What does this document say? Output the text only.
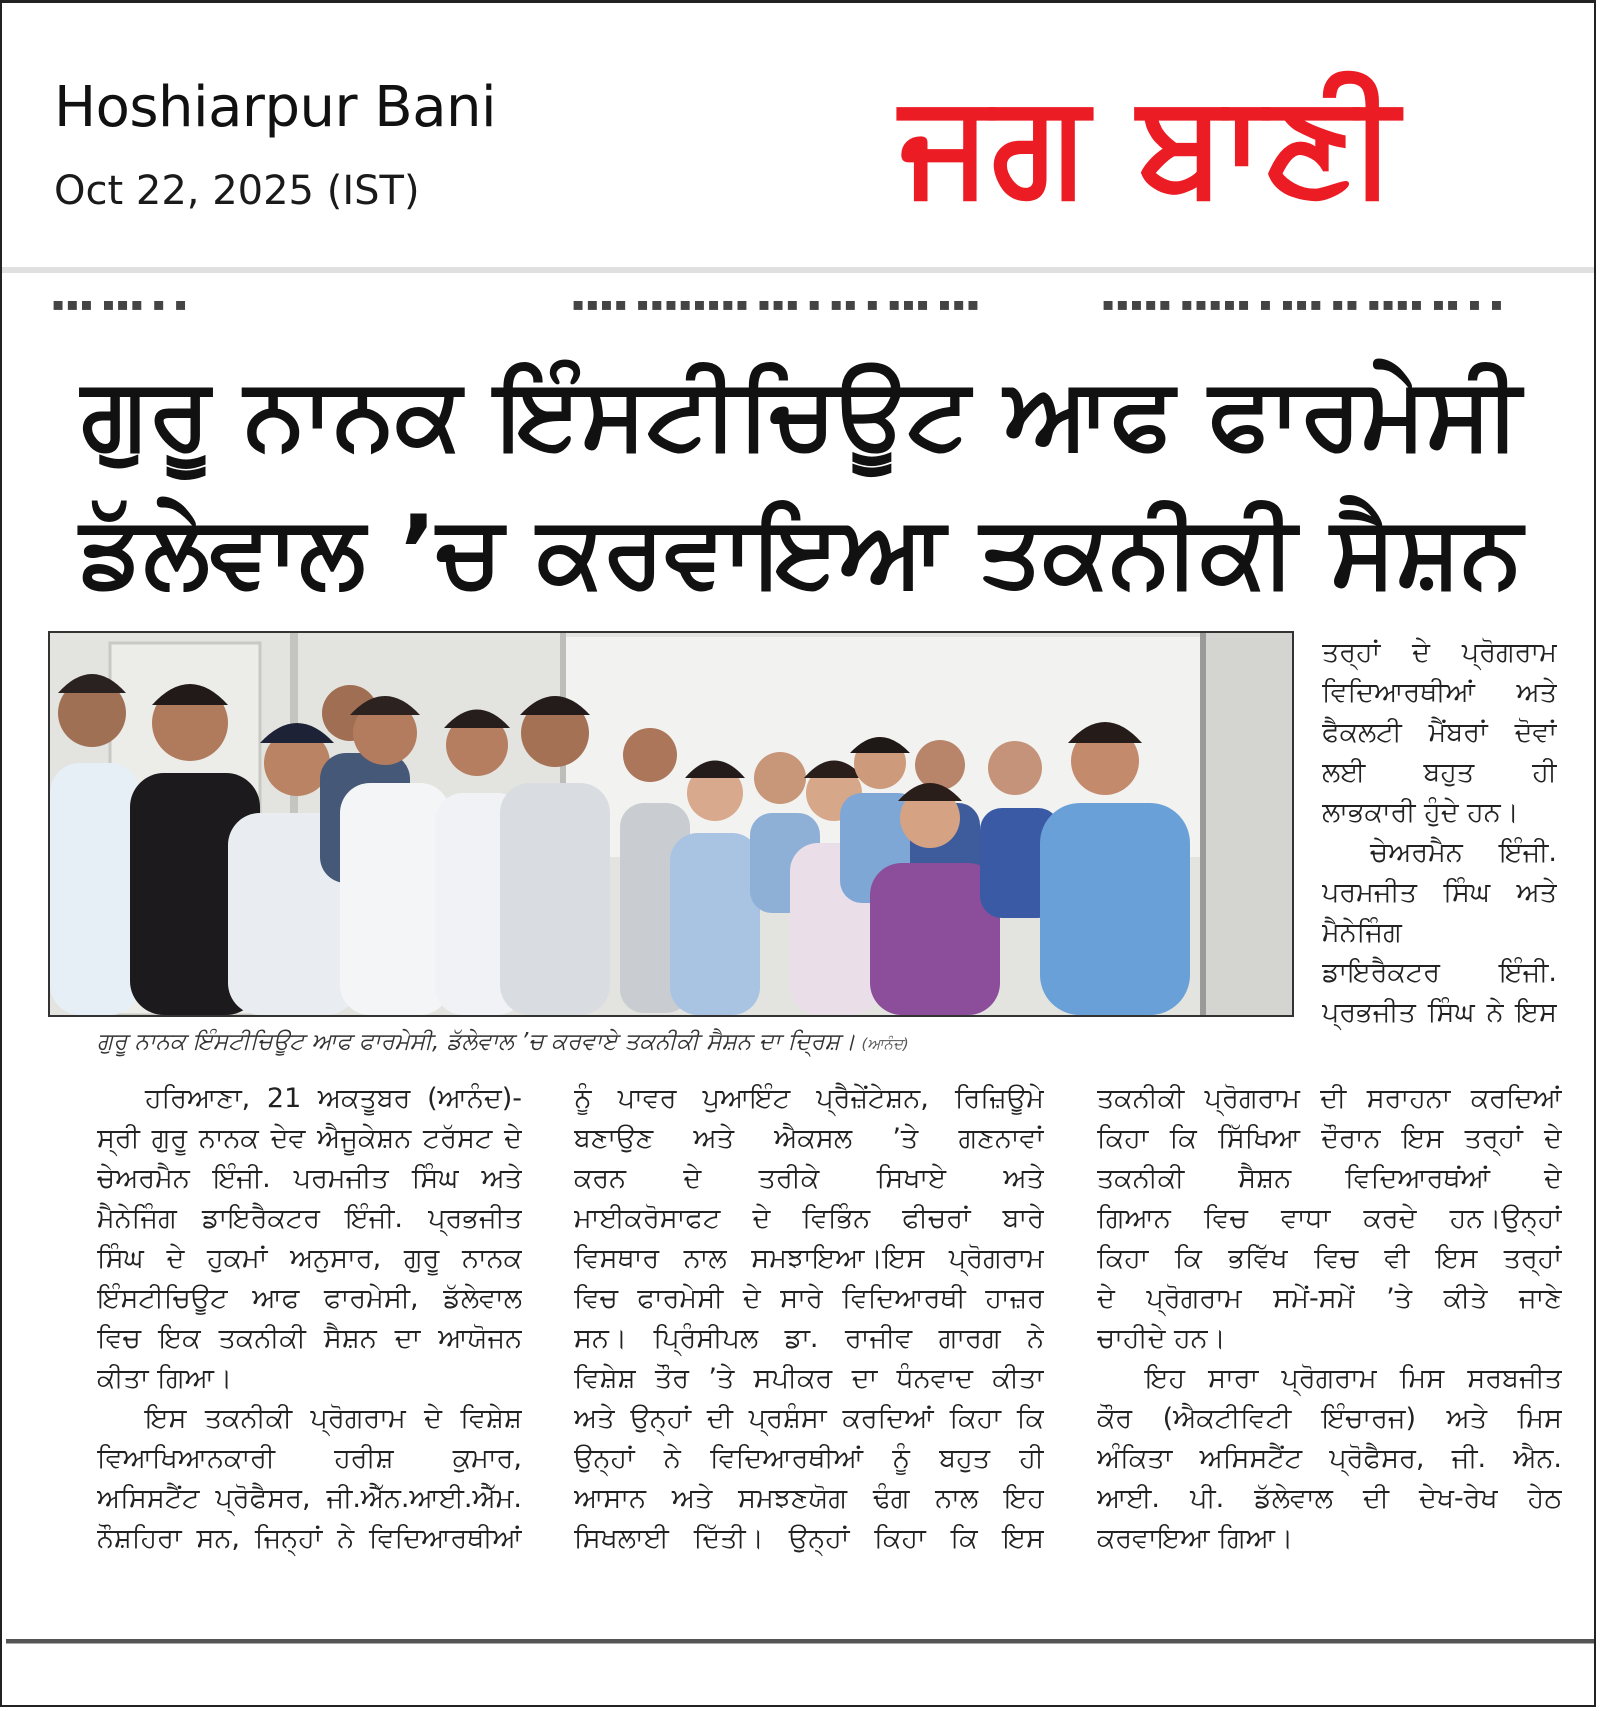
Hoshiarpur Bani
Oct 22, 2025 (IST)	ਜਗ ਬਾਣੀ
▪▪▪ ▪▪▪ ▪ ▪	▪▪▪▪ ▪▪▪▪▪▪▪▪ ▪▪▪ ▪ ▪▪ ▪ ▪▪▪ ▪▪▪	▪▪▪▪▪ ▪▪▪▪▪ ▪ ▪▪▪ ▪▪ ▪▪▪▪ ▪▪ ▪ ▪
ਗੁਰੂ ਨਾਨਕ ਇੰਸਟੀਚਿਊਟ ਆਫ ਫਾਰਮੇਸੀ
ਡੱਲੇਵਾਲ ’ਚ ਕਰਵਾਇਆ ਤਕਨੀਕੀ ਸੈਸ਼ਨ
ਗੁਰੂ ਨਾਨਕ ਇੰਸਟੀਚਿਊਟ ਆਫ ਫਾਰਮੇਸੀ, ਡੱਲੇਵਾਲ ’ਚ ਕਰਵਾਏ ਤਕਨੀਕੀ ਸੈਸ਼ਨ ਦਾ ਦ੍ਰਿਸ਼। (ਆਨੰਦ)
ਤਰ੍ਹਾਂ ਦੇ ਪ੍ਰੋਗਰਾਮ
ਵਿਦਿਆਰਥੀਆਂ ਅਤੇ
ਫੈਕਲਟੀ ਮੈਂਬਰਾਂ ਦੋਵਾਂ
ਲਈ ਬਹੁਤ ਹੀ
ਲਾਭਕਾਰੀ ਹੁੰਦੇ ਹਨ।
ਚੇਅਰਮੈਨ ਇੰਜੀ.
ਪਰਮਜੀਤ ਸਿੰਘ ਅਤੇ
ਮੈਨੇਜਿੰਗ
ਡਾਇਰੈਕਟਰ ਇੰਜੀ.
ਪ੍ਰਭਜੀਤ ਸਿੰਘ ਨੇ ਇਸ
ਹਰਿਆਣਾ, 21 ਅਕਤੂਬਰ (ਆਨੰਦ)-
ਸ੍ਰੀ ਗੁਰੂ ਨਾਨਕ ਦੇਵ ਐਜੂਕੇਸ਼ਨ ਟਰੱਸਟ ਦੇ
ਚੇਅਰਮੈਨ ਇੰਜੀ. ਪਰਮਜੀਤ ਸਿੰਘ ਅਤੇ
ਮੈਨੇਜਿੰਗ ਡਾਇਰੈਕਟਰ ਇੰਜੀ. ਪ੍ਰਭਜੀਤ
ਸਿੰਘ ਦੇ ਹੁਕਮਾਂ ਅਨੁਸਾਰ, ਗੁਰੂ ਨਾਨਕ
ਇੰਸਟੀਚਿਊਟ ਆਫ ਫਾਰਮੇਸੀ, ਡੱਲੇਵਾਲ
ਵਿਚ ਇਕ ਤਕਨੀਕੀ ਸੈਸ਼ਨ ਦਾ ਆਯੋਜਨ
ਕੀਤਾ ਗਿਆ।
ਇਸ ਤਕਨੀਕੀ ਪ੍ਰੋਗਰਾਮ ਦੇ ਵਿਸ਼ੇਸ਼
ਵਿਆਖਿਆਨਕਾਰੀ ਹਰੀਸ਼ ਕੁਮਾਰ,
ਅਸਿਸਟੈਂਟ ਪ੍ਰੋਫੈਸਰ, ਜੀ.ਐੱਨ.ਆਈ.ਐੱਮ.
ਨੌਸ਼ਹਿਰਾ ਸਨ, ਜਿਨ੍ਹਾਂ ਨੇ ਵਿਦਿਆਰਥੀਆਂ
ਨੂੰ ਪਾਵਰ ਪੁਆਇੰਟ ਪ੍ਰੈਜ਼ੇਂਟੇਸ਼ਨ, ਰਿਜ਼ਿਊਮੇ
ਬਣਾਉਣ ਅਤੇ ਐਕਸਲ ’ਤੇ ਗਣਨਾਵਾਂ
ਕਰਨ ਦੇ ਤਰੀਕੇ ਸਿਖਾਏ ਅਤੇ
ਮਾਈਕਰੋਸਾਫਟ ਦੇ ਵਿਭਿੰਨ ਫੀਚਰਾਂ ਬਾਰੇ
ਵਿਸਥਾਰ ਨਾਲ ਸਮਝਾਇਆ।ਇਸ ਪ੍ਰੋਗਰਾਮ
ਵਿਚ ਫਾਰਮੇਸੀ ਦੇ ਸਾਰੇ ਵਿਦਿਆਰਥੀ ਹਾਜ਼ਰ
ਸਨ। ਪ੍ਰਿੰਸੀਪਲ ਡਾ. ਰਾਜੀਵ ਗਾਰਗ ਨੇ
ਵਿਸ਼ੇਸ਼ ਤੌਰ ’ਤੇ ਸਪੀਕਰ ਦਾ ਧੰਨਵਾਦ ਕੀਤਾ
ਅਤੇ ਉਨ੍ਹਾਂ ਦੀ ਪ੍ਰਸ਼ੰਸਾ ਕਰਦਿਆਂ ਕਿਹਾ ਕਿ
ਉਨ੍ਹਾਂ ਨੇ ਵਿਦਿਆਰਥੀਆਂ ਨੂੰ ਬਹੁਤ ਹੀ
ਆਸਾਨ ਅਤੇ ਸਮਝਣਯੋਗ ਢੰਗ ਨਾਲ ਇਹ
ਸਿਖਲਾਈ ਦਿੱਤੀ। ਉਨ੍ਹਾਂ ਕਿਹਾ ਕਿ ਇਸ
ਤਕਨੀਕੀ ਪ੍ਰੋਗਰਾਮ ਦੀ ਸਰਾਹਨਾ ਕਰਦਿਆਂ
ਕਿਹਾ ਕਿ ਸਿੱਖਿਆ ਦੌਰਾਨ ਇਸ ਤਰ੍ਹਾਂ ਦੇ
ਤਕਨੀਕੀ ਸੈਸ਼ਨ ਵਿਦਿਆਰਥਂਆਂ ਦੇ
ਗਿਆਨ ਵਿਚ ਵਾਧਾ ਕਰਦੇ ਹਨ।ਉਨ੍ਹਾਂ
ਕਿਹਾ ਕਿ ਭਵਿੱਖ ਵਿਚ ਵੀ ਇਸ ਤਰ੍ਹਾਂ
ਦੇ ਪ੍ਰੋਗਰਾਮ ਸਮੇਂ-ਸਮੇਂ ’ਤੇ ਕੀਤੇ ਜਾਣੇ
ਚਾਹੀਦੇ ਹਨ।
ਇਹ ਸਾਰਾ ਪ੍ਰੋਗਰਾਮ ਮਿਸ ਸਰਬਜੀਤ
ਕੌਰ (ਐਕਟੀਵਿਟੀ ਇੰਚਾਰਜ) ਅਤੇ ਮਿਸ
ਅੰਕਿਤਾ ਅਸਿਸਟੈਂਟ ਪ੍ਰੋਫੈਸਰ, ਜੀ. ਐਨ.
ਆਈ. ਪੀ. ਡੱਲੇਵਾਲ ਦੀ ਦੇਖ-ਰੇਖ ਹੇਠ
ਕਰਵਾਇਆ ਗਿਆ।
